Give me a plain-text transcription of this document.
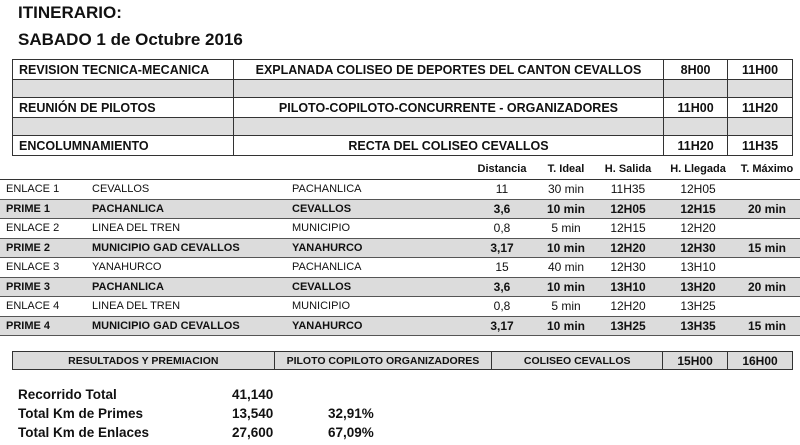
ITINERARIO:
SABADO 1 de Octubre 2016
REVISION TECNICA-MECANICA	EXPLANADA COLISEO DE DEPORTES DEL CANTON CEVALLOS	8H00	11H00

REUNIÓN DE PILOTOS	PILOTO-COPILOTO-CONCURRENTE - ORGANIZADORES	11H00	11H20

ENCOLUMNAMIENTO	RECTA DEL COLISEO CEVALLOS	11H20	11H35
			Distancia	T. Ideal	H. Salida	H. Llegada	T. Máximo
ENLACE 1	CEVALLOS	PACHANLICA	11	30 min	11H35	12H05	
PRIME 1	PACHANLICA	CEVALLOS	3,6	10 min	12H05	12H15	20 min
ENLACE 2	LINEA DEL TREN	MUNICIPIO	0,8	5 min	12H15	12H20	
PRIME 2	MUNICIPIO GAD CEVALLOS	YANAHURCO	3,17	10 min	12H20	12H30	15 min
ENLACE 3	YANAHURCO	PACHANLICA	15	40 min	12H30	13H10	
PRIME 3	PACHANLICA	CEVALLOS	3,6	10 min	13H10	13H20	20 min
ENLACE 4	LINEA DEL TREN	MUNICIPIO	0,8	5 min	12H20	13H25	
PRIME 4	MUNICIPIO GAD CEVALLOS	YANAHURCO	3,17	10 min	13H25	13H35	15 min
RESULTADOS Y PREMIACION	PILOTO COPILOTO ORGANIZADORES	COLISEO CEVALLOS	15H00	16H00
Recorrido Total	41,140
Total Km de Primes	13,540	32,91%
Total Km de Enlaces	27,600	67,09%
